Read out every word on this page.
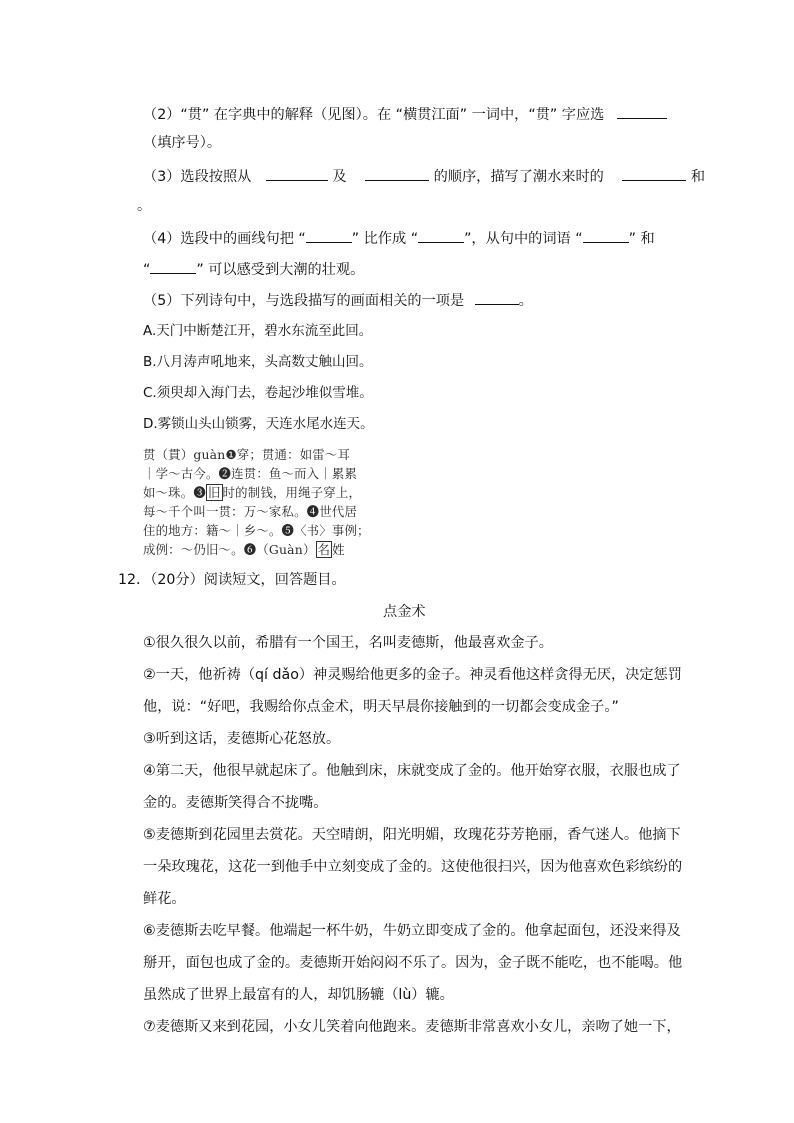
（2）“贯” 在字典中的解释（见图）。在 “横贯江面” 一词中，“贯” 字应选
（填序号）。
（3）选段按照从	及	的顺序，描写了潮水来时的	和
。
（4）选段中的画线句把 “	” 比作成 “	”，从句中的词语 “	” 和
“	” 可以感受到大潮的壮观。
（5）下列诗句中，与选段描写的画面相关的一项是	。
A.天门中断楚江开，碧水东流至此回。
B.八月涛声吼地来，头高数丈触山回。
C.须臾却入海门去，卷起沙堆似雪堆。
D.雾锁山头山锁雾，天连水尾水连天。
贯（貫）guàn❶穿；贯通：如雷～耳
｜学～古今。❷连贯：鱼～而入｜累累
如～珠。❸ 旧 时的制钱，用绳子穿上，
每～千个叫一贯：万～家私。❹世代居
住的地方：籍～｜乡～。❺〈书〉事例；
成例：～仍旧～。❻（Guàn） 名 姓
12．（20分）阅读短文，回答题目。
点金术
①很久很久以前，希腊有一个国王，名叫麦德斯，他最喜欢金子。
②一天，他祈祷（qí dǎo）神灵赐给他更多的金子。神灵看他这样贪得无厌，决定惩罚
他，说：“好吧，我赐给你点金术，明天早晨你接触到的一切都会变成金子。”
③听到这话，麦德斯心花怒放。
④第二天，他很早就起床了。他触到床，床就变成了金的。他开始穿衣服，衣服也成了
金的。麦德斯笑得合不拢嘴。
⑤麦德斯到花园里去赏花。天空晴朗，阳光明媚，玫瑰花芬芳艳丽，香气迷人。他摘下
一朵玫瑰花，这花一到他手中立刻变成了金的。这使他很扫兴，因为他喜欢色彩缤纷的
鲜花。
⑥麦德斯去吃早餐。他端起一杯牛奶，牛奶立即变成了金的。他拿起面包，还没来得及
掰开，面包也成了金的。麦德斯开始闷闷不乐了。因为，金子既不能吃，也不能喝。他
虽然成了世界上最富有的人，却饥肠辘（lù）辘。
⑦麦德斯又来到花园，小女儿笑着向他跑来。麦德斯非常喜欢小女儿，亲吻了她一下，
